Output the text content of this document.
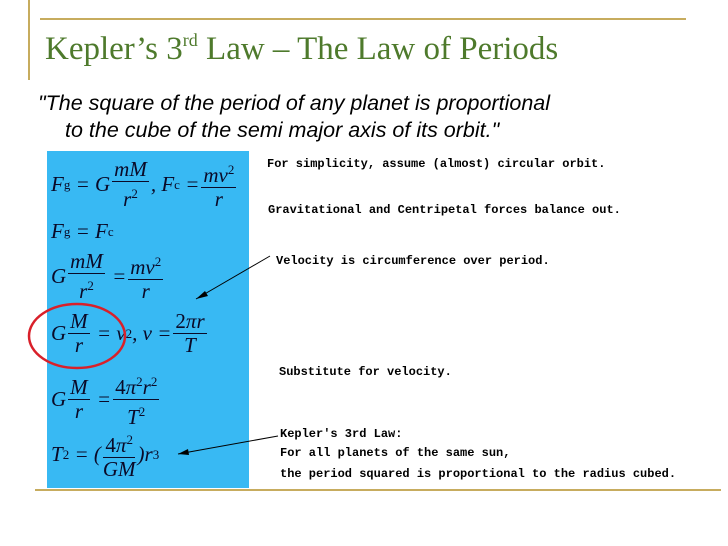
Kepler’s 3rd Law – The Law of Periods
"The square of the period of any planet is proportional
to the cube of the semi major axis of its orbit."
F g = G $\frac{mM}{r^2}$ , F $c = \frac{mv^2}{r}$
F g = F c
G $\frac{mM}{r^2} = \frac{mv^2}{r}$
G $\frac{M}{r} = v$ 2 , $v = \frac{2\pi r}{T}$
G $\frac{M}{r} = \frac{4\pi^2r^2}{T^2}$
T 2 = ( $\frac{4\pi^2}{GM} )r$ 3
For simplicity, assume (almost) circular orbit.
Gravitational and Centripetal forces balance out.
Velocity is circumference over period.
Substitute for velocity.
Kepler's 3rd Law:
For all planets of the same sun,
the period squared is proportional to the radius cubed.
